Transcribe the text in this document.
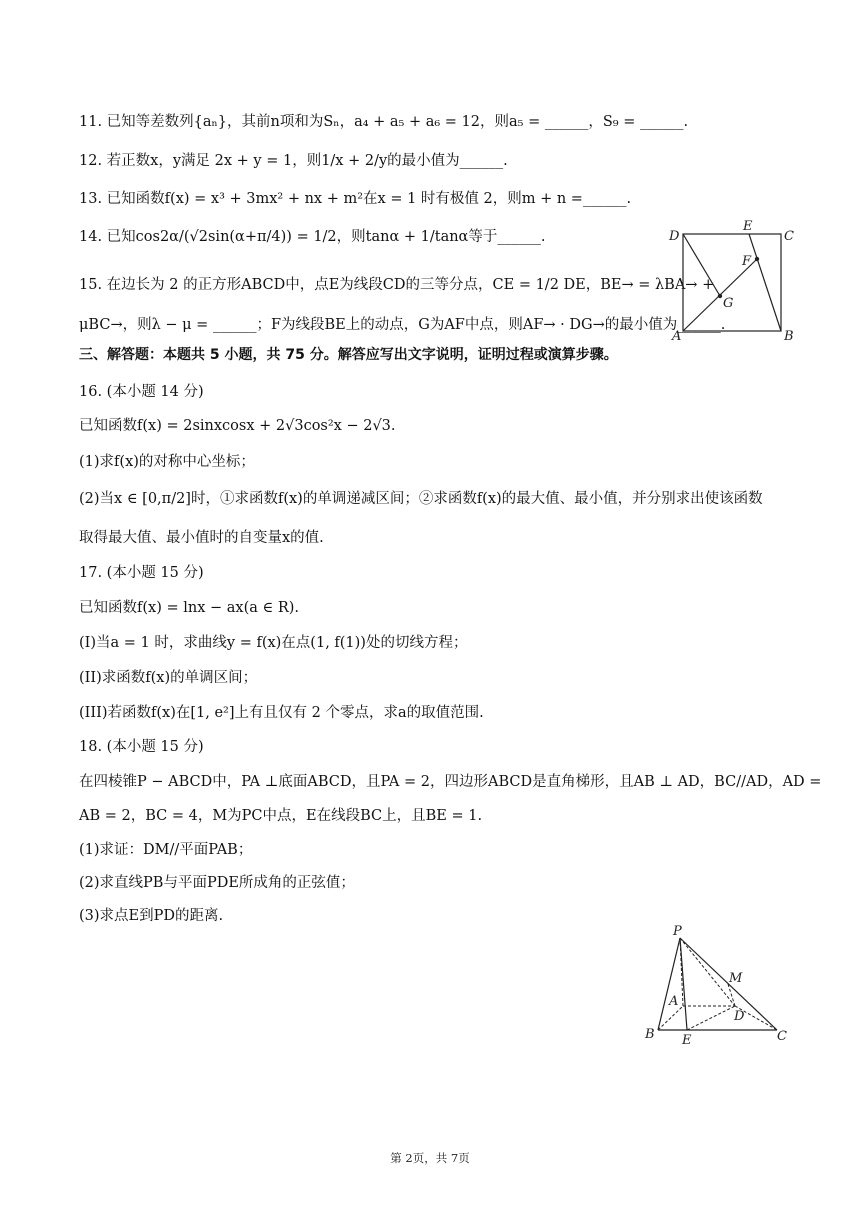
11. 已知等差数列{aₙ}，其前n项和为Sₙ，a₄ + a₅ + a₆ = 12，则a₅ = ______，S₉ = ______.
12. 若正数x，y满足 2x + y = 1，则1/x + 2/y的最小值为______.
13. 已知函数f(x) = x³ + 3mx² + nx + m²在x = 1 时有极值 2，则m + n =______.
14. 已知cos2α/(√2sin(α+π/4)) = 1/2，则tanα + 1/tanα等于______.
15. 在边长为 2 的正方形ABCD中，点E为线段CD的三等分点，CE = 1/2 DE，BE→ = λBA→ +
μBC→，则λ − μ = ______；F为线段BE上的动点，G为AF中点，则AF→ · DG→的最小值为______.
三、解答题：本题共 5 小题，共 75 分。解答应写出文字说明，证明过程或演算步骤。
16. (本小题 14 分)
已知函数f(x) = 2sinxcosx + 2√3cos²x − 2√3.
(1)求f(x)的对称中心坐标；
(2)当x ∈ [0,π/2]时，①求函数f(x)的单调递减区间；②求函数f(x)的最大值、最小值，并分别求出使该函数
取得最大值、最小值时的自变量x的值.
17. (本小题 15 分)
已知函数f(x) = lnx − ax(a ∈ R).
(I)当a = 1 时，求曲线y = f(x)在点(1, f(1))处的切线方程；
(II)求函数f(x)的单调区间；
(III)若函数f(x)在[1, e²]上有且仅有 2 个零点，求a的取值范围.
18. (本小题 15 分)
在四棱锥P − ABCD中，PA ⊥底面ABCD，且PA = 2，四边形ABCD是直角梯形，且AB ⊥ AD，BC//AD，AD =
AB = 2，BC = 4，M为PC中点，E在线段BC上，且BE = 1.
(1)求证：DM//平面PAB；
(2)求直线PB与平面PDE所成角的正弦值；
(3)求点E到PD的距离.
D
E
C
F
G
A	B
P
M
A
D
B E	C
第 2页，共 7页
